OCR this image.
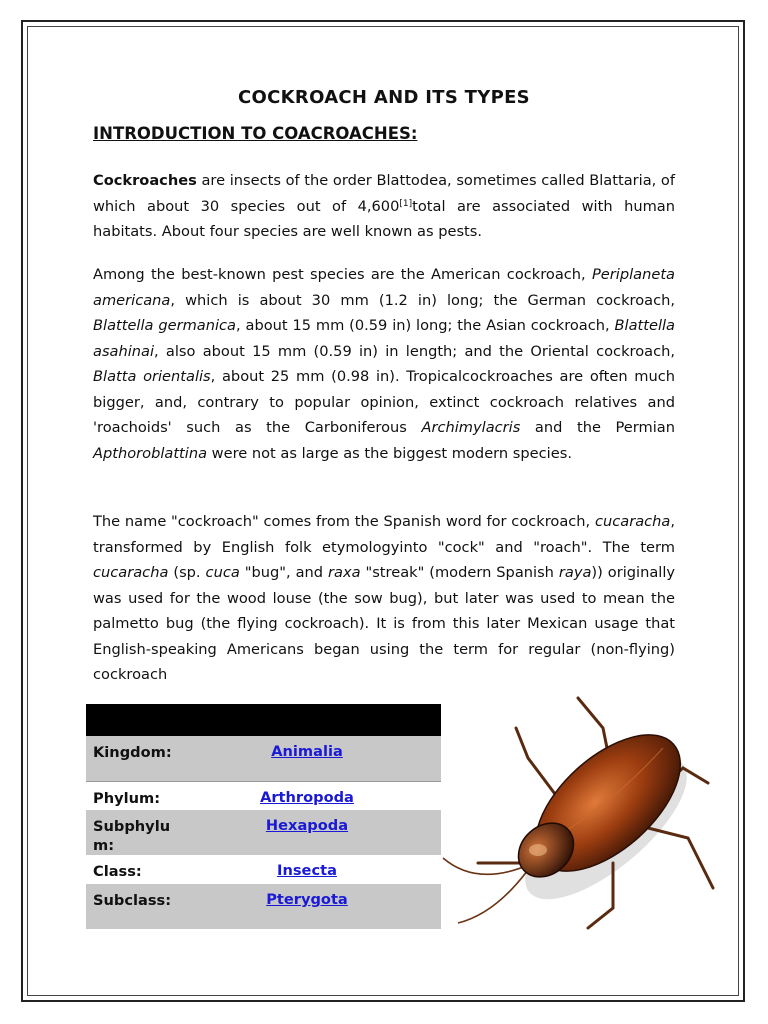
COCKROACH AND ITS TYPES
INTRODUCTION TO COACROACHES:

Cockroaches are insects of the order Blattodea, sometimes called Blattaria, of which about 30 species out of 4,600[1]total are associated with human habitats. About four species are well known as pests.

Among the best-known pest species are the American cockroach, Periplaneta americana, which is about 30 mm (1.2 in) long; the German cockroach, Blattella germanica, about 15 mm (0.59 in) long; the Asian cockroach, Blattella asahinai, also about 15 mm (0.59 in) in length; and the Oriental cockroach, Blatta orientalis, about 25 mm (0.98 in). Tropicalcockroaches are often much bigger, and, contrary to popular opinion, extinct cockroach relatives and 'roachoids' such as the Carboniferous Archimylacris and the Permian Apthoroblattina were not as large as the biggest modern species.

The name "cockroach" comes from the Spanish word for cockroach, cucaracha, transformed by English folk etymologyinto "cock" and "roach". The term cucaracha (sp. cuca "bug", and raxa "streak" (modern Spanish raya)) originally was used for the wood louse (the sow bug), but later was used to mean the palmetto bug (the flying cockroach). It is from this later Mexican usage that English-speaking Americans began using the term for regular (non-flying) cockroach

Kingdom:	Animalia
Phylum:	Arthropoda
Subphylum:	Hexapoda
Class:	Insecta
Subclass:	Pterygota
